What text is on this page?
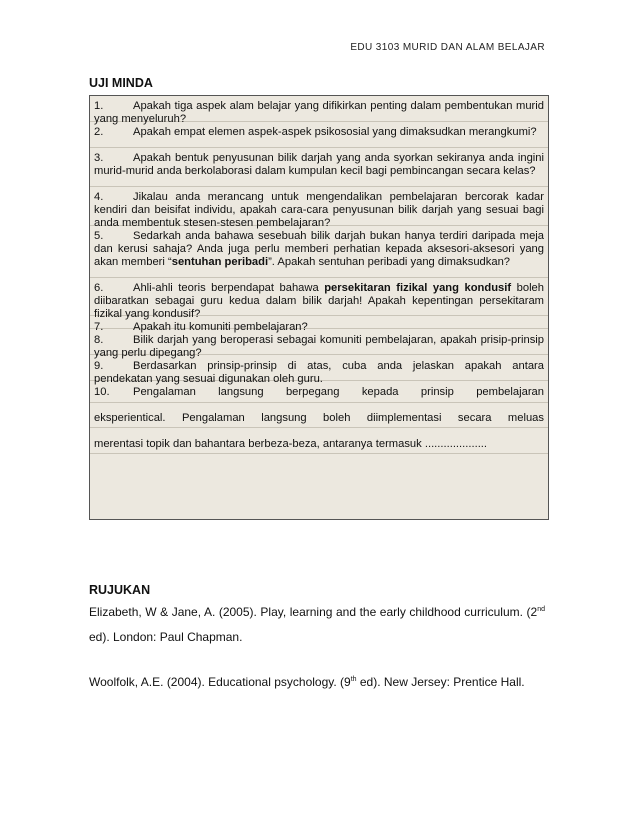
EDU 3103 MURID DAN ALAM BELAJAR
UJI MINDA
1.	Apakah tiga aspek alam belajar yang difikirkan penting dalam pembentukan murid yang menyeluruh?
2.	Apakah empat elemen aspek-aspek psikososial yang dimaksudkan merangkumi?
3.	Apakah bentuk penyusunan bilik darjah yang anda syorkan sekiranya anda ingini murid-murid anda berkolaborasi dalam kumpulan kecil bagi pembincangan secara kelas?
4.	Jikalau anda merancang untuk mengendalikan pembelajaran bercorak kadar kendiri dan beisifat individu, apakah cara-cara penyusunan bilik darjah yang sesuai bagi anda membentuk stesen-stesen pembelajaran?
5.	Sedarkah anda bahawa sesebuah bilik darjah bukan hanya terdiri daripada meja dan kerusi sahaja? Anda juga perlu memberi perhatian kepada aksesori-aksesori yang akan memberi “sentuhan peribadi”. Apakah sentuhan peribadi yang dimaksudkan?
6.	Ahli-ahli teoris berpendapat bahawa persekitaran fizikal yang kondusif boleh diibaratkan sebagai guru kedua dalam bilik darjah! Apakah kepentingan persekitaram fizikal yang kondusif?
7.	Apakah itu komuniti pembelajaran?
8.	Bilik darjah yang beroperasi sebagai komuniti pembelajaran, apakah prisip-prinsip yang perlu dipegang?
9.	Berdasarkan prinsip-prinsip di atas, cuba anda jelaskan apakah antara pendekatan yang sesuai digunakan oleh guru.
10. Pengalaman langsung berpegang kepada prinsip pembelajaran
eksperientical. Pengalaman langsung boleh diimplementasi secara meluas
merentasi topik dan bahantara berbeza-beza, antaranya termasuk ....................
RUJUKAN
Elizabeth, W & Jane, A. (2005). Play, learning and the early childhood curriculum. (2nd ed). London: Paul Chapman.
Woolfolk, A.E. (2004). Educational psychology. (9th ed). New Jersey: Prentice Hall.
